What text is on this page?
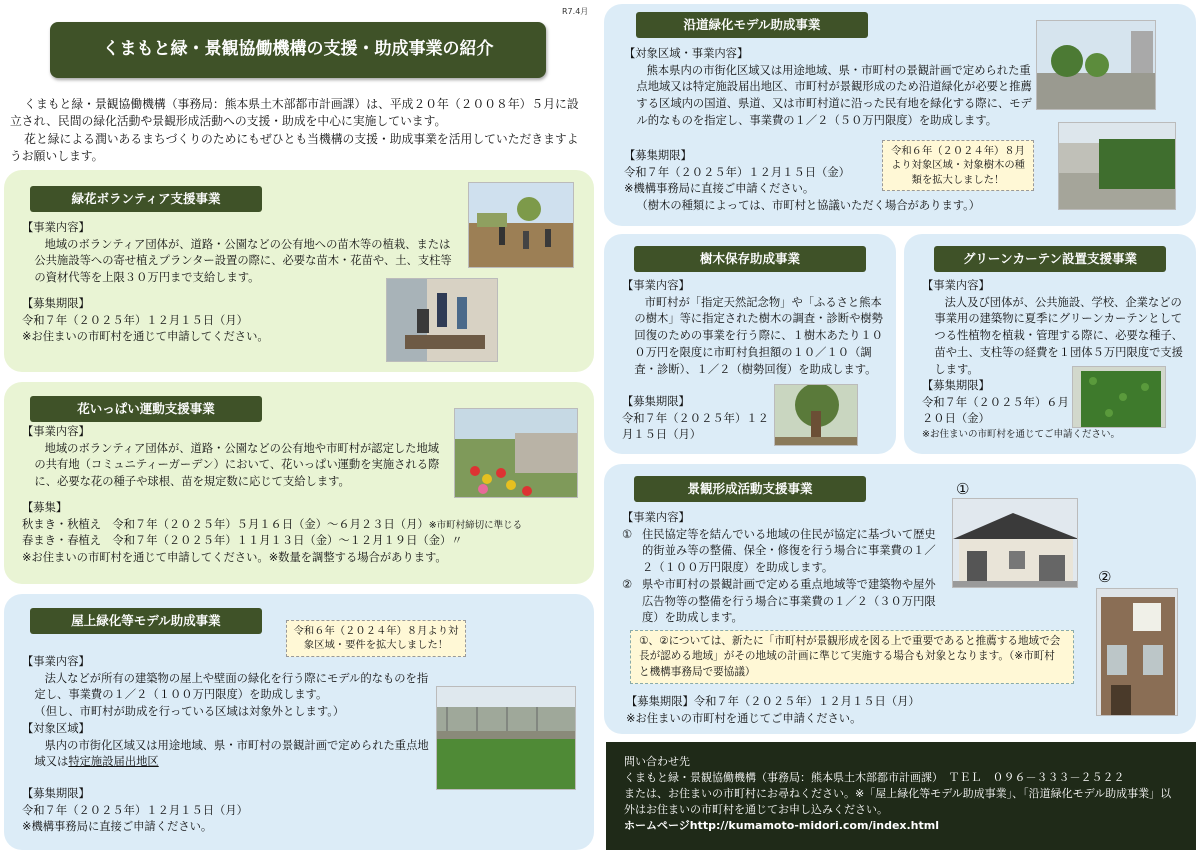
R7.4月
くまもと緑・景観協働機構の支援・助成事業の紹介

くまもと緑・景観協働機構（事務局：熊本県土木部都市計画課）は、平成２０年（２００８年）５月に設立され、民間の緑化活動や景観形成活動への支援・助成を中心に実施しています。

花と緑による潤いあるまちづくりのためにもぜひとも当機構の支援・助成事業を活用していただきますようお願いします。

緑花ボランティア支援事業
【事業内容】
地域のボランティア団体が、道路・公園などの公有地への苗木等の植栽、または公共施設等への寄せ植えプランター設置の際に、必要な苗木・花苗や、土、支柱等の資材代等を上限３０万円まで支給します。
【募集期限】
令和７年（２０２５年）１２月１５日（月）
※お住まいの市町村を通じて申請してください。
花いっぱい運動支援事業
【事業内容】
地域のボランティア団体が、道路・公園などの公有地や市町村が認定した地域の共有地（コミュニティーガーデン）において、花いっぱい運動を実施される際に、必要な花の種子や球根、苗を規定数に応じて支給します。
【募集】
秋まき・秋植え　令和７年（２０２５年）５月１６日（金）～６月２３日（月）※市町村締切に準じる
春まき・春植え　令和７年（２０２５年）１１月１３日（金）～１２月１９日（金）〃
※お住まいの市町村を通じて申請してください。※数量を調整する場合があります。
屋上緑化等モデル助成事業
令和６年（２０２４年）８月より対象区域・要件を拡大しました！
【事業内容】
法人などが所有の建築物の屋上や壁面の緑化を行う際にモデル的なものを指定し、事業費の１／２（１００万円限度）を助成します。
（但し、市町村が助成を行っている区域は対象外とします。）
【対象区域】
県内の市街化区域又は用途地域、県・市町村の景観計画で定められた重点地域又は特定施設届出地区
【募集期限】
令和７年（２０２５年）１２月１５日（月）
※機構事務局に直接ご申請ください。
沿道緑化モデル助成事業
【対象区域・事業内容】
熊本県内の市街化区域又は用途地域、県・市町村の景観計画で定められた重点地域又は特定施設届出地区、市町村が景観形成のため沿道緑化が必要と推薦する区域内の国道、県道、又は市町村道に沿った民有地を緑化する際に、モデル的なものを指定し、事業費の１／２（５０万円限度）を助成します。
令和６年（２０２４年）８月より対象区域・対象樹木の種類を拡大しました！
【募集期限】
令和７年（２０２５年）１２月１５日（金）
※機構事務局に直接ご申請ください。
（樹木の種類によっては、市町村と協議いただく場合があります。）
樹木保存助成事業
【事業内容】
市町村が「指定天然記念物」や「ふるさと熊本の樹木」等に指定された樹木の調査・診断や樹勢回復のための事業を行う際に、１樹木あたり１００万円を限度に市町村負担額の１０／１０（調査・診断）、１／２（樹勢回復）を助成します。
【募集期限】
令和７年（２０２５年）１２月１５日（月）
グリーンカーテン設置支援事業
【事業内容】
法人及び団体が、公共施設、学校、企業などの事業用の建築物に夏季にグリーンカーテンとしてつる性植物を植栽・管理する際に、必要な種子、苗や土、支柱等の経費を１団体５万円限度で支援します。
【募集期限】
令和７年（２０２５年）６月２０日（金）
※お住まいの市町村を通じてご申請ください。
景観形成活動支援事業
【事業内容】
① 住民協定等を結んでいる地域の住民が協定に基づいて歴史的街並み等の整備、保全・修復を行う場合に事業費の１／２（１００万円限度）を助成します。
② 県や市町村の景観計画で定める重点地域等で建築物や屋外広告物等の整備を行う場合に事業費の１／２（３０万円限度）を助成します。
①
②
①、②については、新たに「市町村が景観形成を図る上で重要であると推薦する地域で会長が認める地域」がその地域の計画に準じて実施する場合も対象となります。（※市町村と機構事務局で要協議）
【募集期限】令和７年（２０２５年）１２月１５日（月）
※お住まいの市町村を通じてご申請ください。
問い合わせ先
くまもと緑・景観協働機構（事務局：熊本県土木部都市計画課）　ＴＥＬ　０９６－３３３－２５２２
または、お住まいの市町村にお尋ねください。※「屋上緑化等モデル助成事業」、「沿道緑化モデル助成事業」以外はお住まいの市町村を通じてお申し込みください。
ホームページhttp://kumamoto-midori.com/index.html
